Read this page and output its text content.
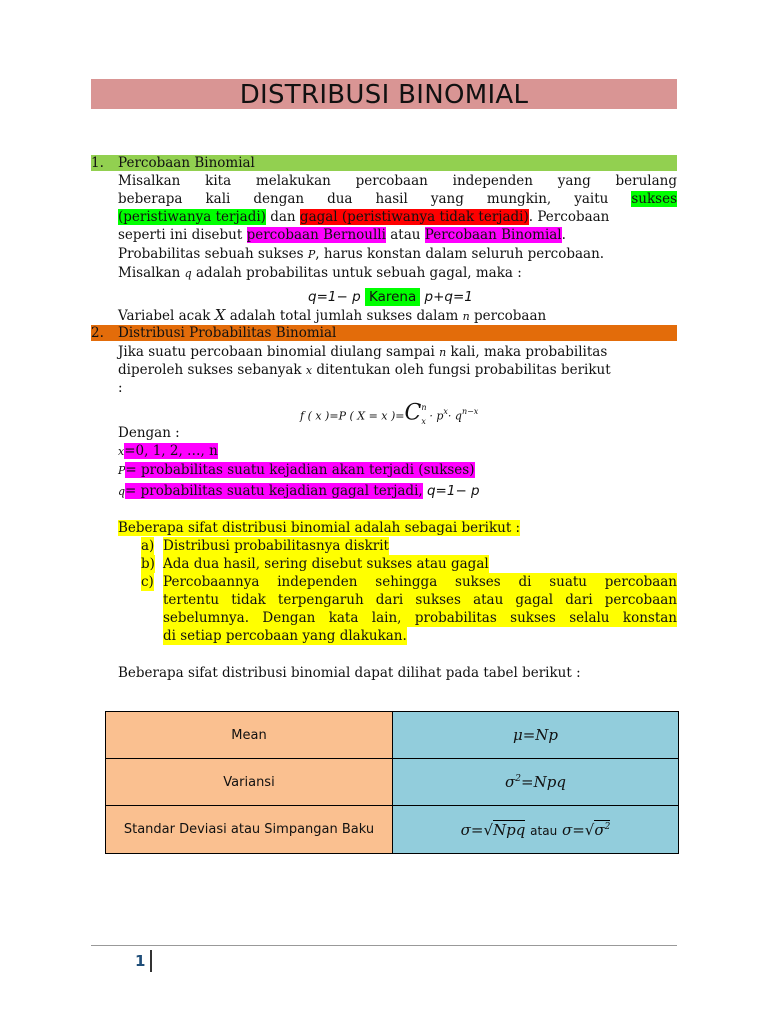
DISTRIBUSI BINOMIAL
1. Percobaan Binomial
Misalkan kita melakukan percobaan independen yang berulang
beberapa kali dengan dua hasil yang mungkin, yaitu sukses
(peristiwanya terjadi) dan gagal (peristiwanya tidak terjadi). Percobaan
seperti ini disebut percobaan Bernoulli atau Percobaan Binomial.
Probabilitas sebuah sukses P, harus konstan dalam seluruh percobaan.
Misalkan q adalah probabilitas untuk sebuah gagal, maka :
q=1− p Karena p+q=1
Variabel acak X adalah total jumlah sukses dalam n percobaan
2. Distribusi Probabilitas Binomial
Jika suatu percobaan binomial diulang sampai n kali, maka probabilitas
diperoleh sukses sebanyak x ditentukan oleh fungsi probabilitas berikut
:
f ( x )=P ( X = x )=C n
$x \cdot p^x\cdot q^{n-x}$
Dengan :
x=0, 1, 2, …, n
P= probabilitas suatu kejadian akan terjadi (sukses)
q= probabilitas suatu kejadian gagal terjadi, q=1− p
Beberapa sifat distribusi binomial adalah sebagai berikut :
a) Distribusi probabilitasnya diskrit
b) Ada dua hasil, sering disebut sukses atau gagal
c) Percobaannya independen sehingga sukses di suatu percobaan
tertentu tidak terpengaruh dari sukses atau gagal dari percobaan
sebelumnya. Dengan kata lain, probabilitas sukses selalu konstan
di setiap percobaan yang dlakukan.
Beberapa sifat distribusi binomial dapat dilihat pada tabel berikut :
Mean	μ=Np
Variansi	$\sigma^2=Npq$
Standar Deviasi atau Simpangan Baku	σ=√Npq atau $\sigma=√\sigma^2$
1
